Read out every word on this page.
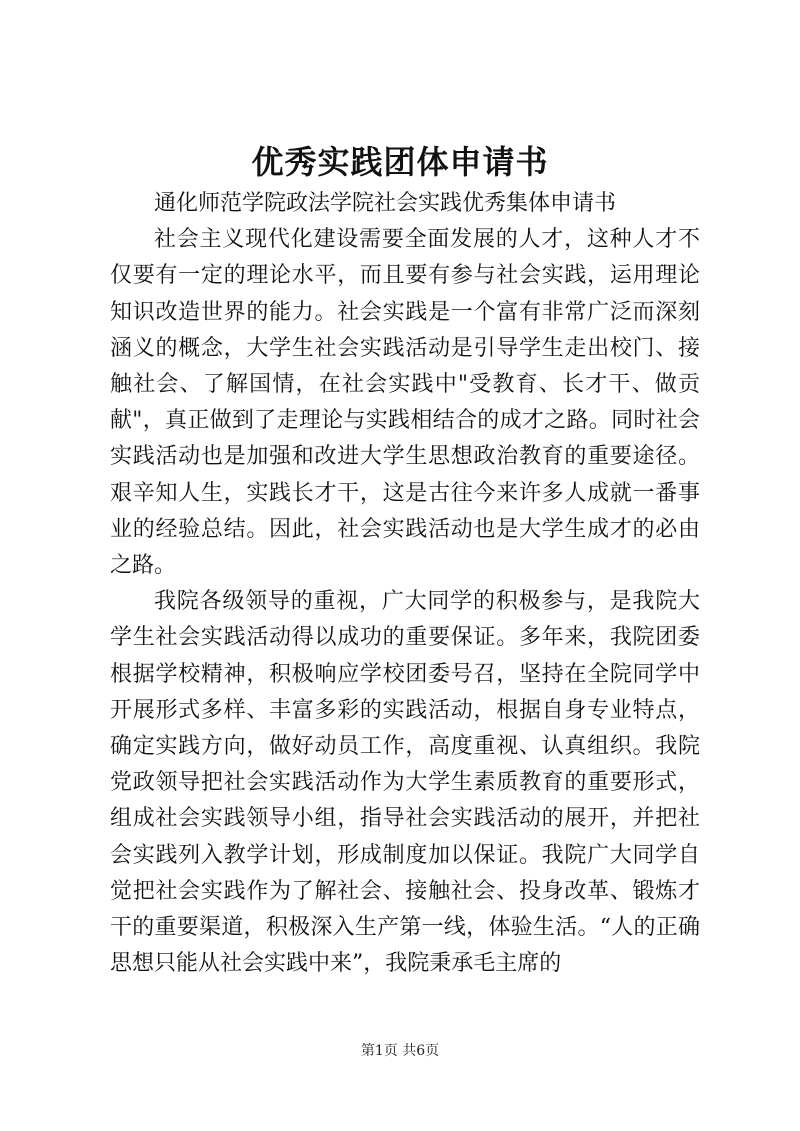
优秀实践团体申请书

通化师范学院政法学院社会实践优秀集体申请书

社会主义现代化建设需要全面发展的人才，这种人才不仅要有一定的理论水平，而且要有参与社会实践，运用理论知识改造世界的能力。社会实践是一个富有非常广泛而深刻涵义的概念，大学生社会实践活动是引导学生走出校门、接触社会、了解国情，在社会实践中"受教育、长才干、做贡献"，真正做到了走理论与实践相结合的成才之路。同时社会实践活动也是加强和改进大学生思想政治教育的重要途径。艰辛知人生，实践长才干，这是古往今来许多人成就一番事业的经验总结。因此，社会实践活动也是大学生成才的必由之路。

我院各级领导的重视，广大同学的积极参与，是我院大学生社会实践活动得以成功的重要保证。多年来，我院团委根据学校精神，积极响应学校团委号召，坚持在全院同学中开展形式多样、丰富多彩的实践活动，根据自身专业特点，确定实践方向，做好动员工作，高度重视、认真组织。我院党政领导把社会实践活动作为大学生素质教育的重要形式，组成社会实践领导小组，指导社会实践活动的展开，并把社会实践列入教学计划，形成制度加以保证。我院广大同学自觉把社会实践作为了解社会、接触社会、投身改革、锻炼才干的重要渠道，积极深入生产第一线，体验生活。“人的正确思想只能从社会实践中来”，我院秉承毛主席的

第1页 共6页
